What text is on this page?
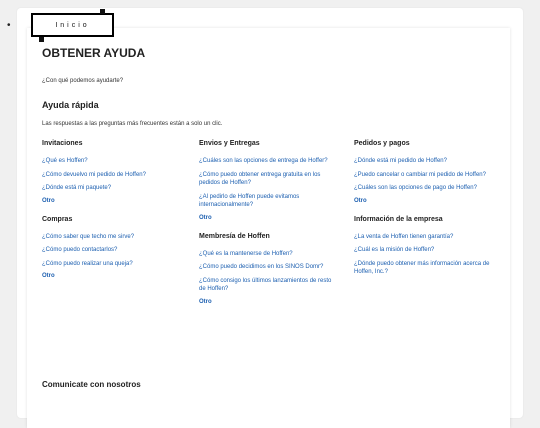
•	Inicio
OBTENER AYUDA
¿Con qué podemos ayudarte?
Ayuda rápida
Las respuestas a las preguntas más frecuentes están a solo un clic.
Invitaciones
¿Qué es Hoffen?
¿Cómo devuelvo mi pedido de Hoffen?
¿Dónde está mi paquete?
Otro
Compras
¿Cómo saber que techo me sirve?
¿Cómo puedo contactarlos?
¿Cómo puedo realizar una queja?
Otro
Envios y Entregas
¿Cuáles son las opciones de entrega de Hoffer?
¿Cómo puedo obtener entrega gratuita en los pedidos de Hoffen?
¿Al pedirlo de Hoffen puede evitamos internacionalmente?
Otro
Membresía de Hoffen
¿Qué es la mantenerse de Hoffen?
¿Cómo puedo decidimos en los SINOS Domr?
¿Cómo consigo los últimos lanzamientos de resto de Hoffen?
Otro
Pedidos y pagos
¿Dónde está mi pedido de Hoffen?
¿Puedo cancelar o cambiar mi pedido de Hoffen?
¿Cuáles son las opciones de pago de Hoffen?
Otro
Información de la empresa
¿La venta de Hoffen tienen garantía?
¿Cuál es la misión de Hoffen?
¿Dónde puedo obtener más información acerca de Hoffen, Inc.?
Comunicate con nosotros
